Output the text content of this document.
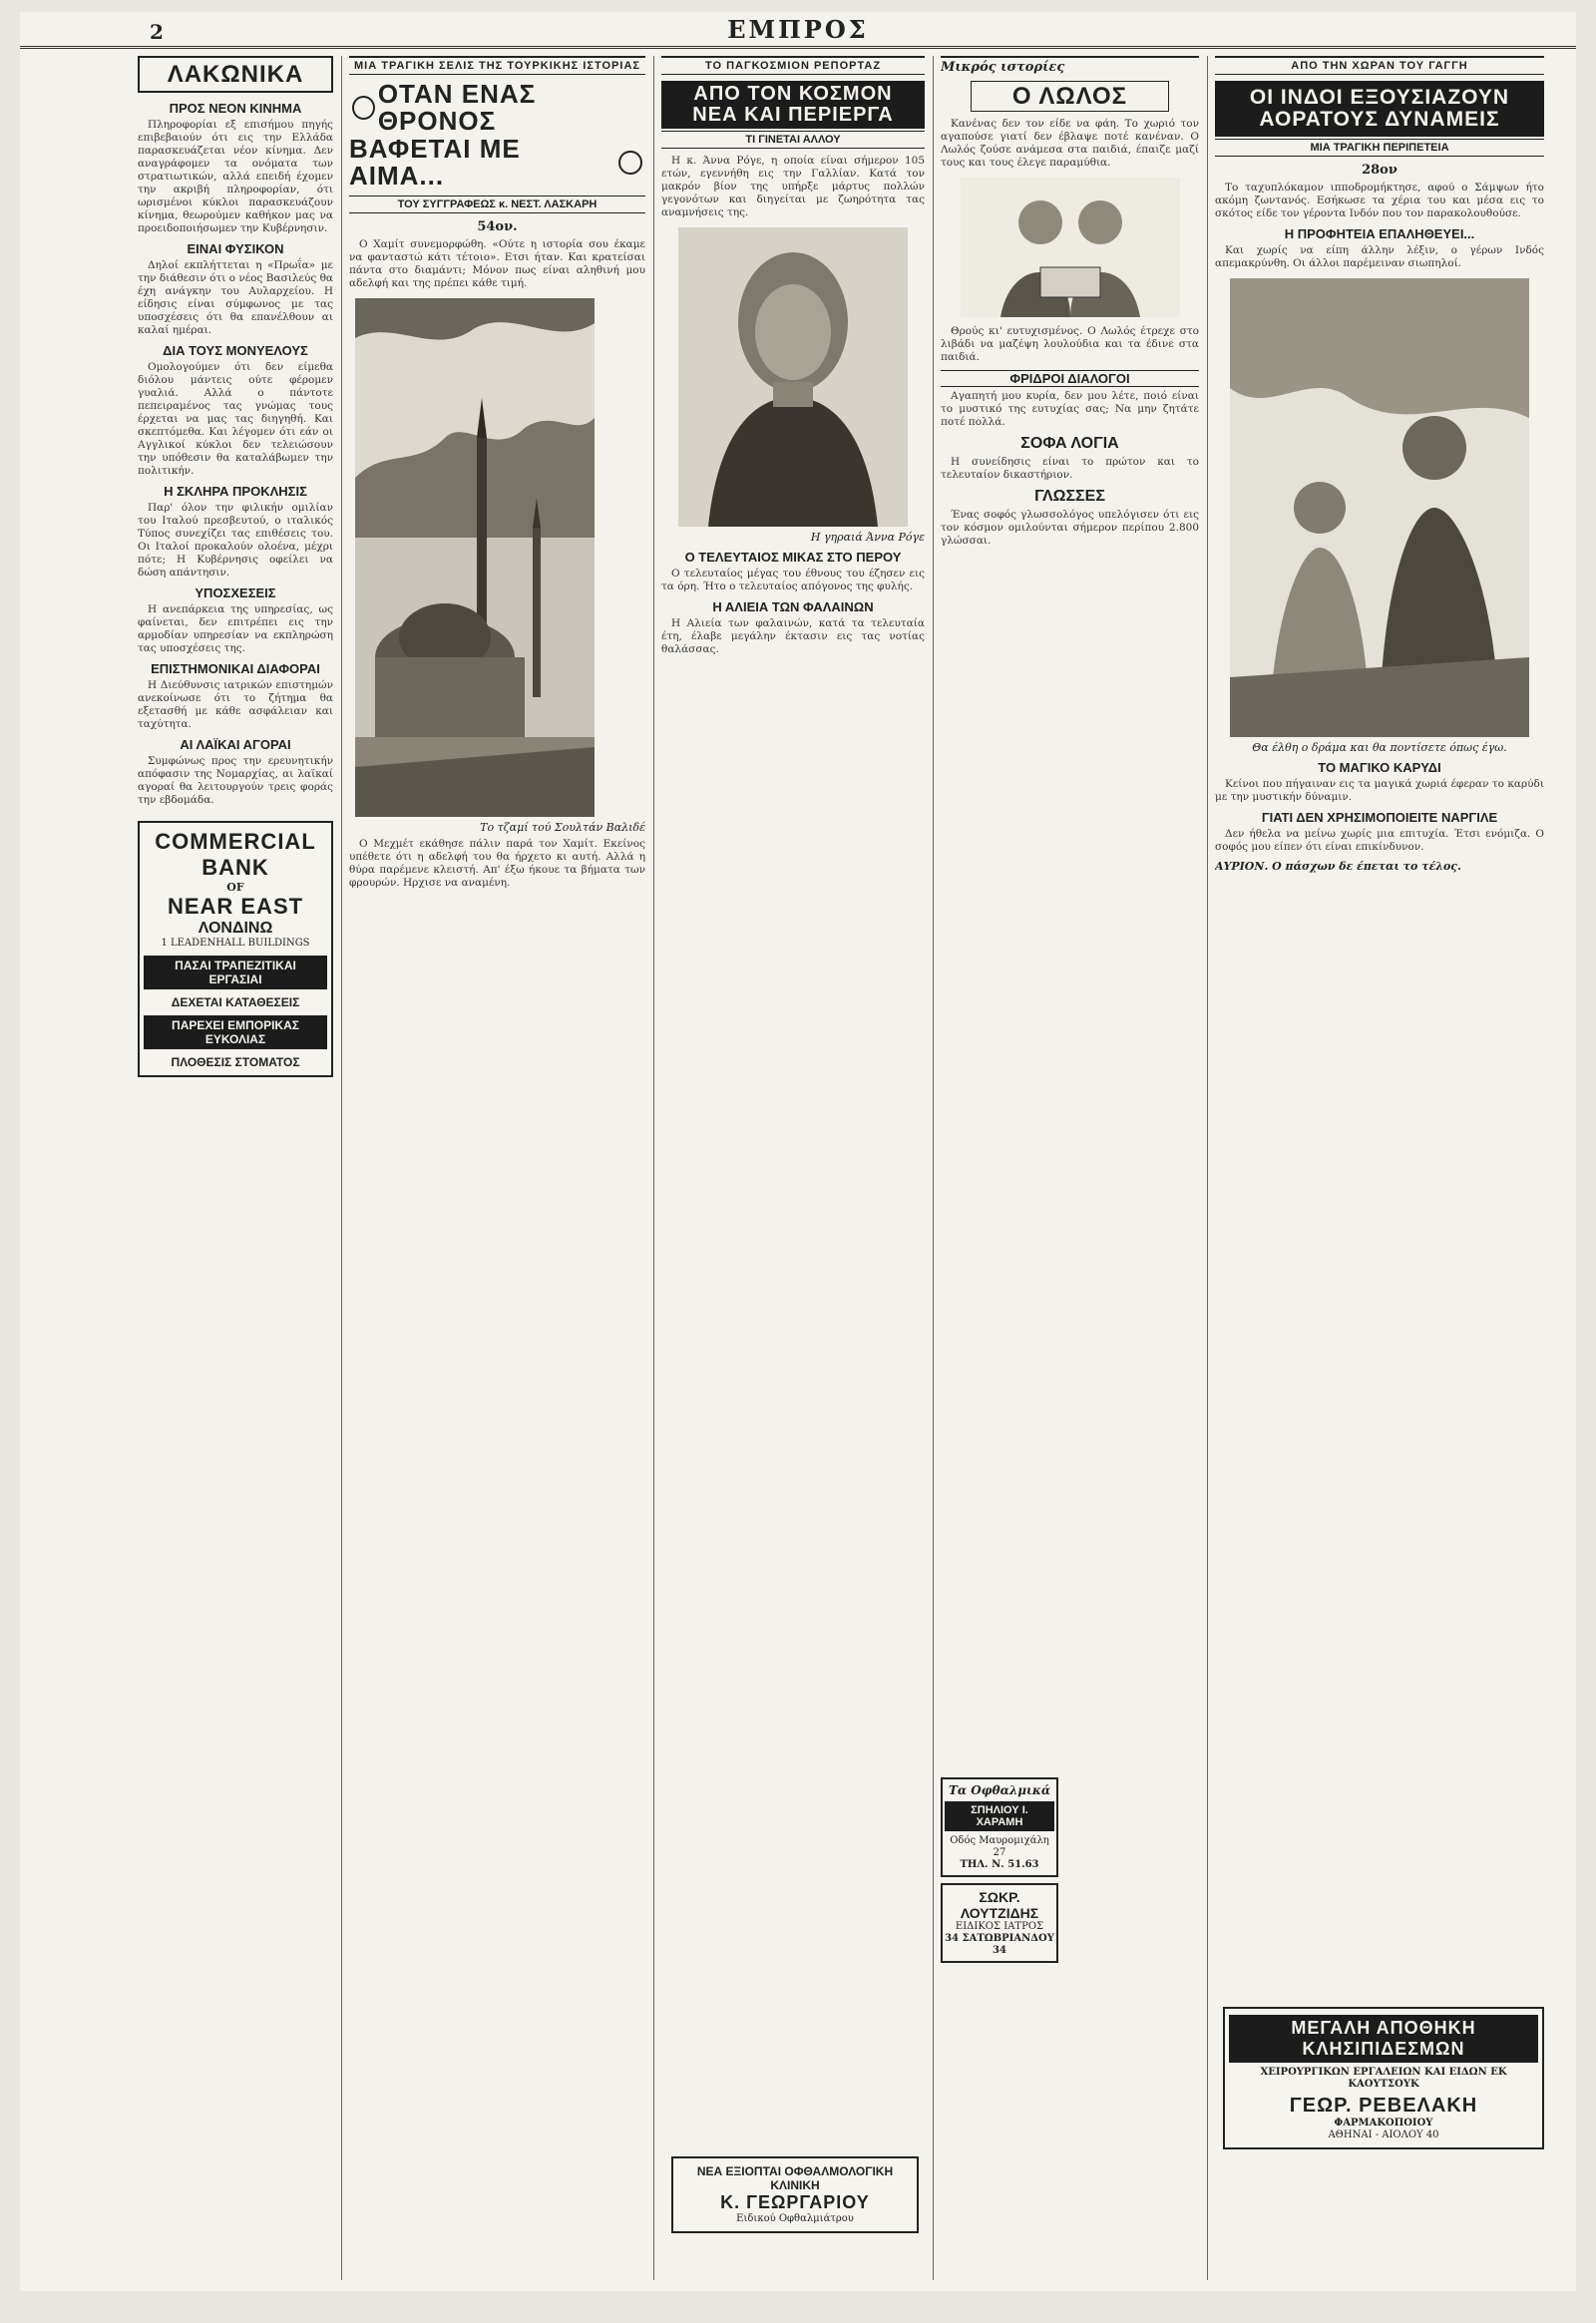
2	ΕΜΠΡΟΣ
ΛΑΚΩΝΙΚΑ
ΠΡΟΣ ΝΕΟΝ ΚΙΝΗΜΑ

Πληροφορίαι εξ επισήμου πηγής επιβεβαιούν ότι εις την Ελλάδα παρασκευάζεται νέον κίνημα. Δεν αναγράφομεν τα ονόματα των στρατιωτικών, αλλά επειδή έχομεν την ακριβή πληροφορίαν, ότι ωρισμένοι κύκλοι παρασκευάζουν κίνημα, θεωρούμεν καθήκον μας να προειδοποιήσωμεν την Κυβέρνησιν.

ΕΙΝΑΙ ΦΥΣΙΚΟΝ

Δηλοί εκπλήττεται η «Πρωΐα» με την διάθεσιν ότι ο νέος Βασιλεύς θα έχη ανάγκην του Αυλαρχείου. Η είδησις είναι σύμφωνος με τας υποσχέσεις ότι θα επανέλθουν αι καλαί ημέραι.

ΔΙΑ ΤΟΥΣ ΜΟΝΥΕΛΟΥΣ

Ομολογούμεν ότι δεν είμεθα διόλου μάντεις ούτε φέρομεν γυαλιά. Αλλά ο πάντοτε πεπειραμένος τας γνώμας τους έρχεται να μας τας διηγηθή. Και σκεπτόμεθα. Και λέγομεν ότι εάν οι Αγγλικοί κύκλοι δεν τελειώσουν την υπόθεσιν θα καταλάβωμεν την πολιτικήν.

Η ΣΚΛΗΡΑ ΠΡΟΚΛΗΣΙΣ

Παρ' όλον την φιλικήν ομιλίαν του Ιταλού πρεσβευτού, ο ιταλικός Τύπος συνεχίζει τας επιθέσεις του. Οι Ιταλοί προκαλούν ολοένα, μέχρι πότε; Η Κυβέρνησις οφείλει να δώση απάντησιν.

ΥΠΟΣΧΕΣΕΙΣ

Η ανεπάρκεια της υπηρεσίας, ως φαίνεται, δεν επιτρέπει εις την αρμοδίαν υπηρεσίαν να εκπληρώση τας υποσχέσεις της.

ΕΠΙΣΤΗΜΟΝΙΚΑΙ ΔΙΑΦΟΡΑΙ

Η Διεύθυνσις ιατρικών επιστημών ανεκοίνωσε ότι το ζήτημα θα εξετασθή με κάθε ασφάλειαν και ταχύτητα.

ΑΙ ΛΑΪΚΑΙ ΑΓΟΡΑΙ

Συμφώνως προς την ερευνητικήν απόφασιν της Νομαρχίας, αι λαϊκαί αγοραί θα λειτουργούν τρεις φοράς την εβδομάδα.

COMMERCIAL BANK
OF
NEAR EAST
ΛΟΝΔΙΝΩ
1 LEADENHALL BUILDINGS
ΠΑΣΑΙ ΤΡΑΠΕΖΙΤΙΚΑΙ ΕΡΓΑΣΙΑΙ
ΔΕΧΕΤΑΙ ΚΑΤΑΘΕΣΕΙΣ
ΠΑΡΕΧΕΙ ΕΜΠΟΡΙΚΑΣ ΕΥΚΟΛΙΑΣ
ΠΛΟΘΕΣΙΣ ΣΤΟΜΑΤΟΣ
ΜΙΑ ΤΡΑΓΙΚΗ ΣΕΛΙΣ ΤΗΣ ΤΟΥΡΚΙΚΗΣ ΙΣΤΟΡΙΑΣ
ΟΤΑΝ ΕΝΑΣ ΘΡΟΝΟΣ
ΒΑΦΕΤΑΙ ΜΕ ΑΙΜΑ...
ΤΟΥ ΣΥΓΓΡΑΦΕΩΣ κ. ΝΕΣΤ. ΛΑΣΚΑΡΗ
54ον.

Ο Χαμίτ συνεμορφώθη. «Ούτε η ιστορία σου έκαμε να φανταστώ κάτι τέτοιο». Ετσι ήταν. Και κρατείσαι πάντα στο διαμάντι; Μόνον πως είναι αληθινή μου αδελφή και της πρέπει κάθε τιμή.

Το τζαμί τού Σουλτάν Βαλιδέ

Ο Μεχμέτ εκάθησε πάλιν παρά τον Χαμίτ. Εκείνος υπέθετε ότι η αδελφή του θα ήρχετο κι αυτή. Αλλά η θύρα παρέμενε κλειστή. Απ' έξω ήκουε τα βήματα των φρουρών. Ηρχισε να αναμένη.

ΤΟ ΠΑΓΚΟΣΜΙΟΝ ΡΕΠΟΡΤΑΖ
ΑΠΟ ΤΟΝ ΚΟΣΜΟΝ
ΝΕΑ ΚΑΙ ΠΕΡΙΕΡΓΑ
ΤΙ ΓΙΝΕΤΑΙ ΑΛΛΟΥ

Η κ. Άννα Ρόγε, η οποία είναι σήμερον 105 ετών, εγεννήθη εις την Γαλλίαν. Κατά τον μακρόν βίον της υπήρξε μάρτυς πολλών γεγονότων και διηγείται με ζωηρότητα τας αναμνήσεις της.

Η γηραιά Άννα Ρόγε
Ο ΤΕΛΕΥΤΑΙΟΣ ΜΙΚΑΣ ΣΤΟ ΠΕΡΟΥ

Ο τελευταίος μέγας του έθνους του έζησεν εις τα όρη. Ήτο ο τελευταίος απόγονος της φυλής.

Η ΑΛΙΕΙΑ ΤΩΝ ΦΑΛΑΙΝΩΝ

Η Αλιεία των φαλαινών, κατά τα τελευταία έτη, έλαβε μεγάλην έκτασιν εις τας νοτίας θαλάσσας.

ΝΕΑ ΕΞΙΟΠΤΑΙ ΟΦΘΑΛΜΟΛΟΓΙΚΗ ΚΛΙΝΙΚΗ
Κ. ΓΕΩΡΓΑΡΙΟΥ
Ειδικού Οφθαλμιάτρου
Μικρός ιστορίες
Ο ΛΩΛΟΣ

Κανένας δεν τον είδε να φάη. Το χωριό τον αγαπούσε γιατί δεν έβλαψε ποτέ κανέναν. Ο Λωλός ζούσε ανάμεσα στα παιδιά, έπαιζε μαζί τους και τους έλεγε παραμύθια.

Θρούς κι' ευτυχισμένος. Ο Λωλός έτρεχε στο λιβάδι να μαζέψη λουλούδια και τα έδινε στα παιδιά.

ΦΡΙΔΡΟΙ ΔΙΑΛΟΓΟΙ

Αγαπητή μου κυρία, δεν μου λέτε, ποιό είναι το μυστικό της ευτυχίας σας; Να μην ζητάτε ποτέ πολλά.

ΣΟΦΑ ΛΟΓΙΑ

Η συνείδησις είναι το πρώτον και το τελευταίον δικαστήριον.

ΓΛΩΣΣΕΣ

Ένας σοφός γλωσσολόγος υπελόγισεν ότι εις τον κόσμον ομιλούνται σήμερον περίπου 2.800 γλώσσαι.

Τα Οφθαλμικά
ΣΠΗΛΙΟΥ Ι. ΧΑΡΑΜΗ
Οδός Μαυρομιχάλη 27
ΤΗΛ. Ν. 51.63
ΣΩΚΡ. ΛΟΥΤΖΙΔΗΣ
ΕΙΔΙΚΟΣ ΙΑΤΡΟΣ
34 ΣΑΤΩΒΡΙΑΝΔΟΥ 34
ΑΠΟ ΤΗΝ ΧΩΡΑΝ ΤΟΥ ΓΑΓΓΗ
ΟΙ ΙΝΔΟΙ ΕΞΟΥΣΙΑΖΟΥΝ
ΑΟΡΑΤΟΥΣ ΔΥΝΑΜΕΙΣ
ΜΙΑ ΤΡΑΓΙΚΗ ΠΕΡΙΠΕΤΕΙΑ
28ον

Το ταχυπλόκαμον ιπποδρομήκτησε, αφού ο Σάμψων ήτο ακόμη ζωντανός. Εσήκωσε τα χέρια του και μέσα εις το σκότος είδε τον γέροντα Ινδόν που τον παρακολουθούσε.

Η ΠΡΟΦΗΤΕΙΑ ΕΠΑΛΗΘΕΥΕΙ...

Και χωρίς να είπη άλλην λέξιν, ο γέρων Ινδός απεμακρύνθη. Οι άλλοι παρέμειναν σιωπηλοί.

Θα έλθη ο δράμα και θα ποντίσετε όπως έγω.
ΤΟ ΜΑΓΙΚΟ ΚΑΡΥΔΙ

Κείνοι που πήγαιναν εις τα μαγικά χωριά έφεραν το καρύδι με την μυστικήν δύναμιν.

ΓΙΑΤΙ ΔΕΝ ΧΡΗΣΙΜΟΠΟΙΕΙΤΕ ΝΑΡΓΙΛΕ

Δεν ήθελα να μείνω χωρίς μια επιτυχία. Έτσι ενόμιζα. Ο σοφός μου είπεν ότι είναι επικίνδυνον.

ΑΥΡΙΟΝ. Ο πάσχων δε έπεται το τέλος.
ΜΕΓΑΛΗ ΑΠΟΘΗΚΗ ΚΛΗΣΙΠΙΔΕΣΜΩΝ
ΧΕΙΡΟΥΡΓΙΚΩΝ ΕΡΓΑΛΕΙΩΝ ΚΑΙ ΕΙΔΩΝ ΕΚ ΚΑΟΥΤΣΟΥΚ
ΓΕΩΡ. ΡΕΒΕΛΑΚΗ
ΦΑΡΜΑΚΟΠΟΙΟΥ
ΑΘΗΝΑΙ - ΑΙΟΛΟΥ 40
